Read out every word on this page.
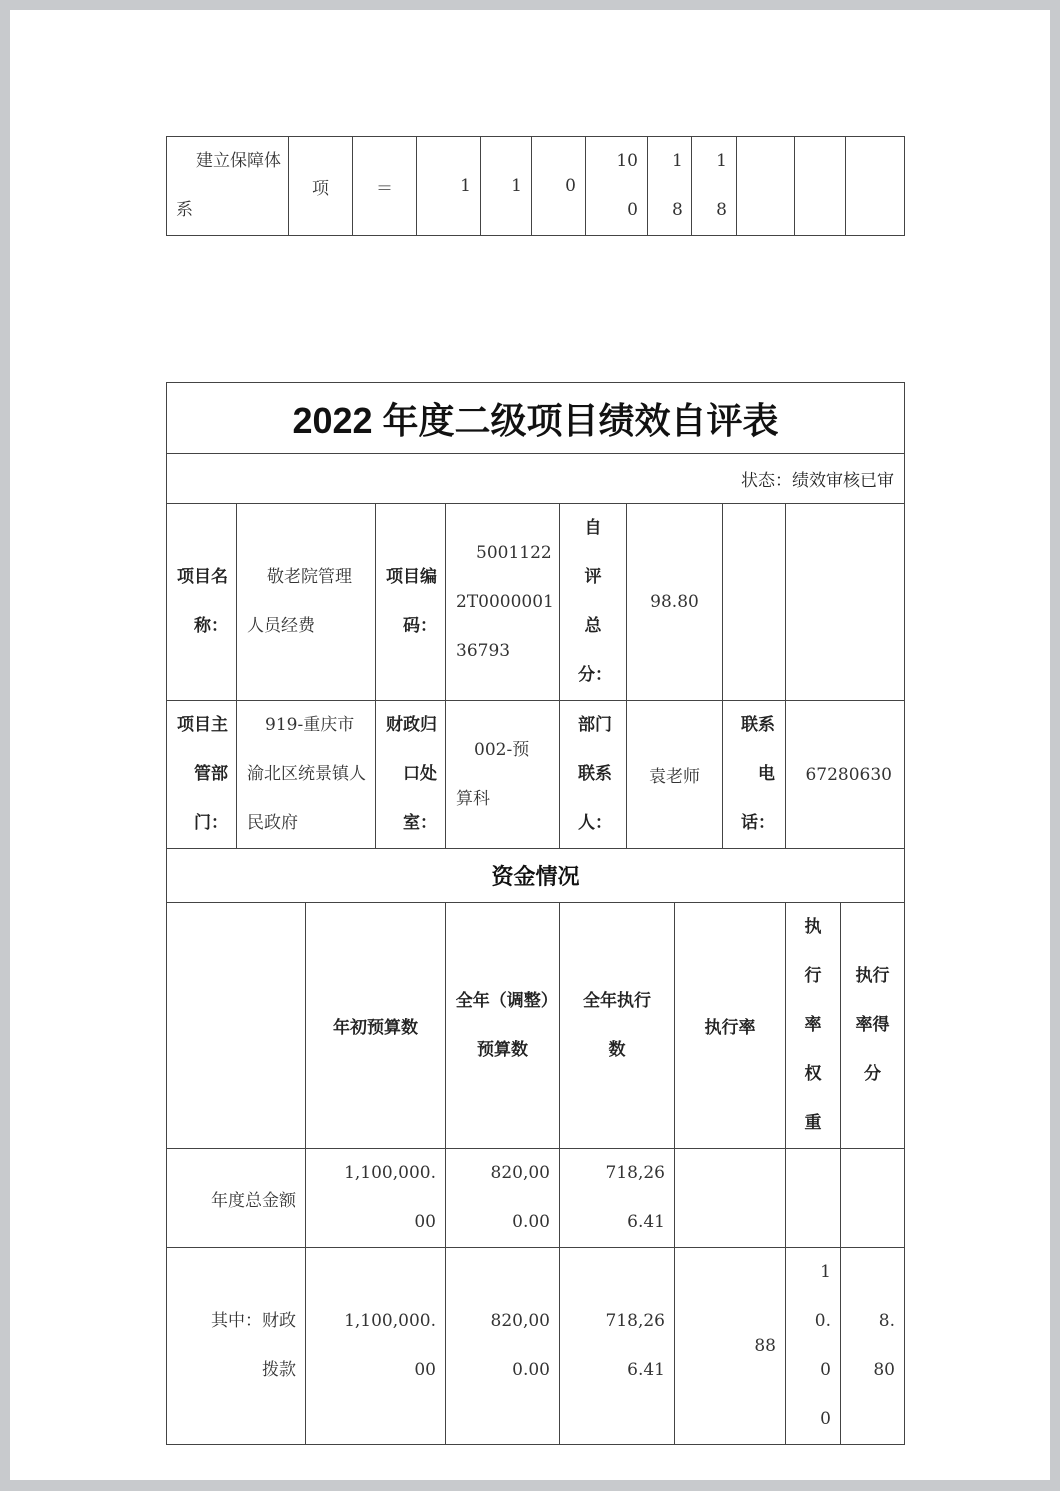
建立保障体系	项	＝	1	1	0	100	18	18			
2022 年度二级项目绩效自评表										
状态：绩效审核已审										
项目名称：	敬老院管理人员经费		项目编码：	50011222T000000136793	自评总分：	98.80				
项目主管部门：	919-重庆市渝北区统景镇人民政府		财政归口处室：	002-预算科	部门联系人：	袁老师		联系电话：	67280630	
资金情况										
		年初预算数		全年（调整）预算数	全年执行数		执行率		执行率权重	执行率得分
年度总金额		1,100,000.00		820,000.00	718,266.41					
其中：财政拨款		1,100,000.00		820,000.00	718,266.41		88		10.00	8.80
